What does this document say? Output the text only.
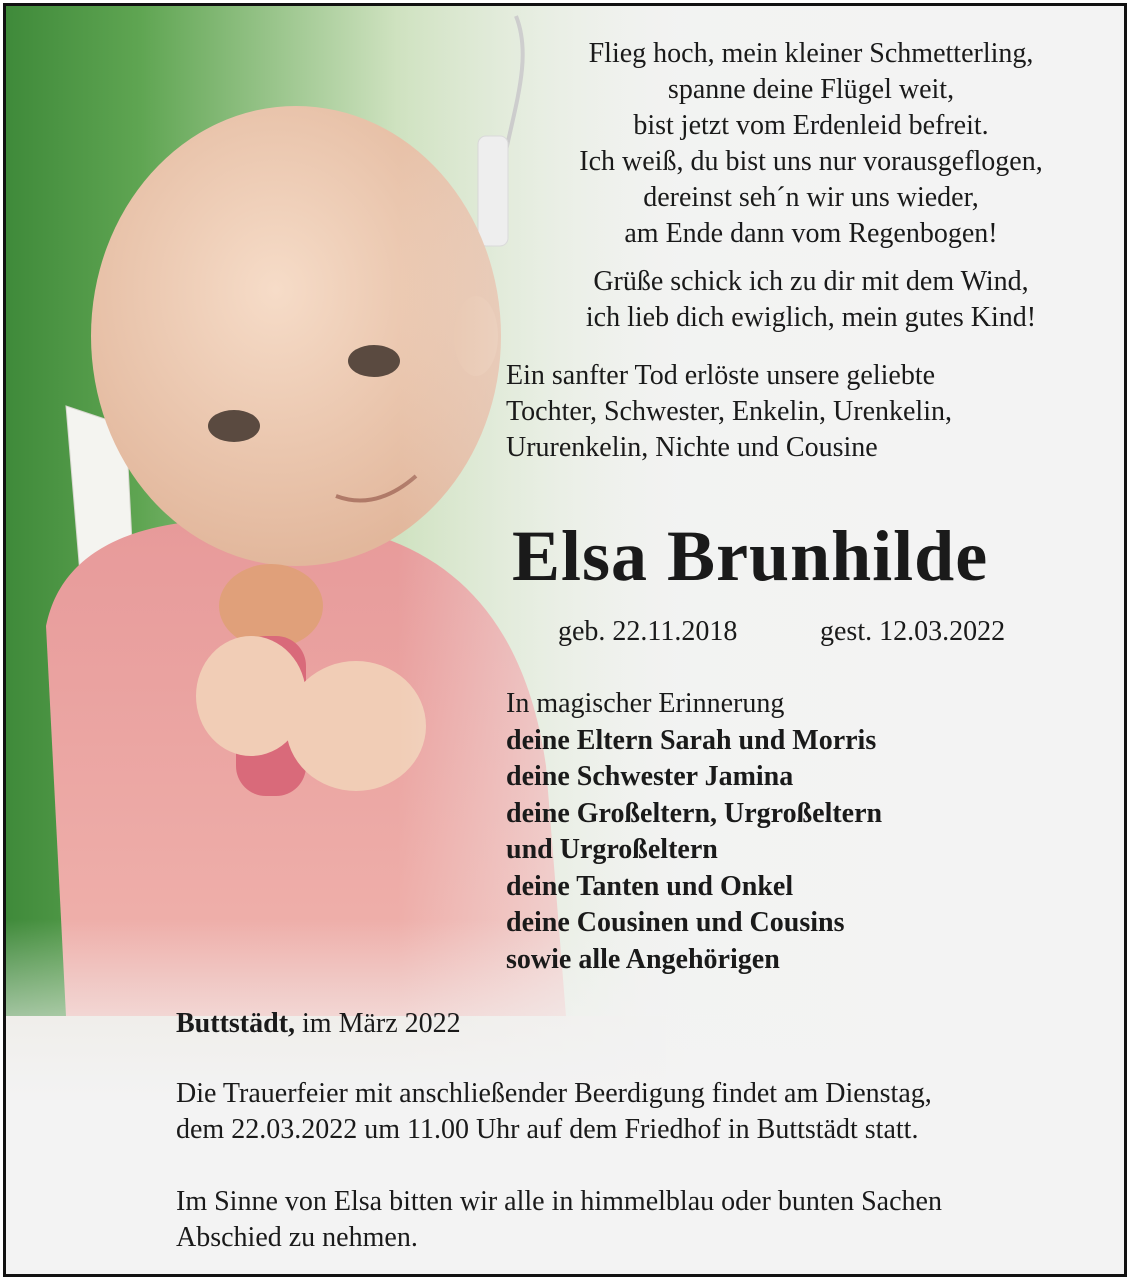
Flieg hoch, mein kleiner Schmetterling,
spanne deine Flügel weit,
bist jetzt vom Erdenleid befreit.
Ich weiß, du bist uns nur vorausgeflogen,
dereinst seh´n wir uns wieder,
am Ende dann vom Regenbogen!
Grüße schick ich zu dir mit dem Wind,
ich lieb dich ewiglich, mein gutes Kind!
Ein sanfter Tod erlöste unsere geliebte
Tochter, Schwester, Enkelin, Urenkelin,
Ururenkelin, Nichte und Cousine
Elsa Brunhilde
geb. 22.11.2018	gest. 12.03.2022
In magischer Erinnerung
deine Eltern Sarah und Morris
deine Schwester Jamina
deine Großeltern, Urgroßeltern
und Urgroßeltern
deine Tanten und Onkel
deine Cousinen und Cousins
sowie alle Angehörigen
Buttstädt, im März 2022
Die Trauerfeier mit anschließender Beerdigung findet am Dienstag,
dem 22.03.2022 um 11.00 Uhr auf dem Friedhof in Buttstädt statt.
Im Sinne von Elsa bitten wir alle in himmelblau oder bunten Sachen
Abschied zu nehmen.
